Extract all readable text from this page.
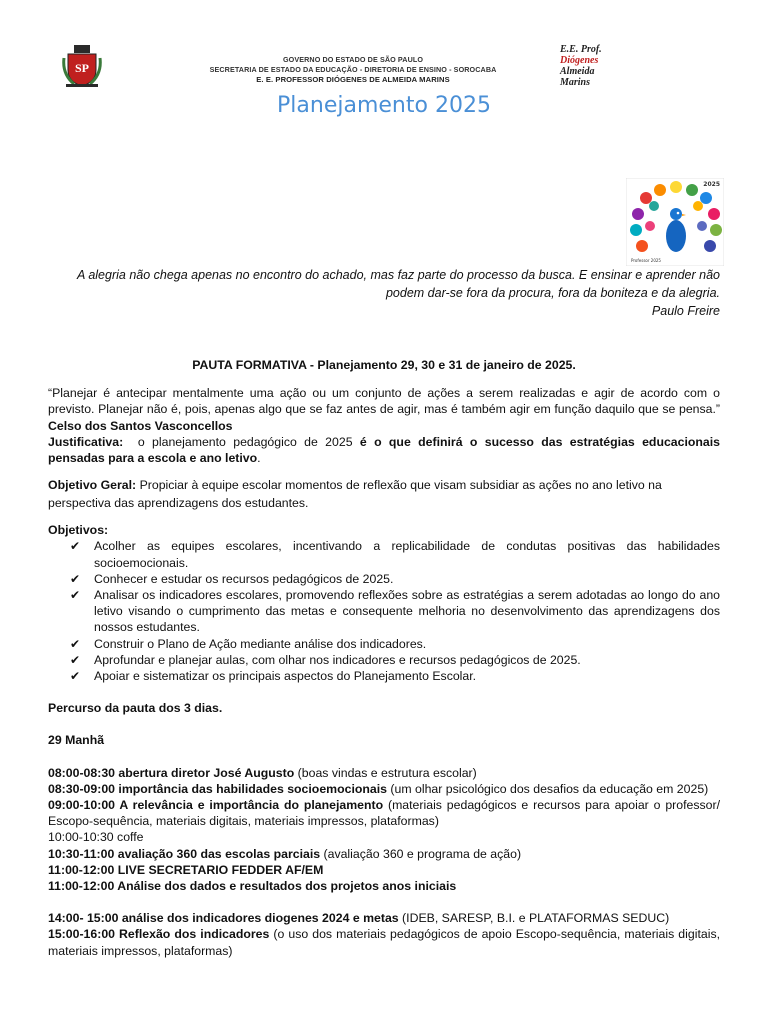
SP
GOVERNO DO ESTADO DE SÃO PAULO
SECRETARIA DE ESTADO DA EDUCAÇÃO - DIRETORIA DE ENSINO - SOROCABA
E. E. PROFESSOR DIÓGENES DE ALMEIDA MARINS
E.E. Prof.
Diógenes
Almeida
Marins
Planejamento 2025
2025
Professor 2025
A alegria não chega apenas no encontro do achado, mas faz parte do processo da busca. E ensinar e aprender não
podem dar-se fora da procura, fora da boniteza e da alegria.
Paulo Freire

PAUTA FORMATIVA - Planejamento 29, 30 e 31 de janeiro de 2025.

“Planejar é antecipar mentalmente uma ação ou um conjunto de ações a serem realizadas e agir de acordo com o previsto. Planejar não é, pois, apenas algo que se faz antes de agir, mas é também agir em função daquilo que se pensa.” Celso dos Santos Vasconcellos

Justificativa: o planejamento pedagógico de 2025 é o que definirá o sucesso das estratégias educacionais pensadas para a escola e ano letivo.

Objetivo Geral: Propiciar à equipe escolar momentos de reflexão que visam subsidiar as ações no ano letivo na perspectiva das aprendizagens dos estudantes.

Objetivos:

✔ Acolher as equipes escolares, incentivando a replicabilidade de condutas positivas das habilidades socioemocionais.
✔ Conhecer e estudar os recursos pedagógicos de 2025.
✔ Analisar os indicadores escolares, promovendo reflexões sobre as estratégias a serem adotadas ao longo do ano letivo visando o cumprimento das metas e consequente melhoria no desenvolvimento das aprendizagens dos nossos estudantes.
✔ Construir o Plano de Ação mediante análise dos indicadores.
✔ Aprofundar e planejar aulas, com olhar nos indicadores e recursos pedagógicos de 2025.
✔ Apoiar e sistematizar os principais aspectos do Planejamento Escolar.

Percurso da pauta dos 3 dias.

29 Manhã

08:00-08:30 abertura diretor José Augusto (boas vindas e estrutura escolar)

08:30-09:00 importância das habilidades socioemocionais (um olhar psicológico dos desafios da educação em 2025)

09:00-10:00 A relevância e importância do planejamento (materiais pedagógicos e recursos para apoiar o professor/ Escopo-sequência, materiais digitais, materiais impressos, plataformas)

10:00-10:30 coffe

10:30-11:00 avaliação 360 das escolas parciais (avaliação 360 e programa de ação)

11:00-12:00 LIVE SECRETARIO FEDDER AF/EM

11:00-12:00 Análise dos dados e resultados dos projetos anos iniciais

14:00- 15:00 análise dos indicadores diogenes 2024 e metas (IDEB, SARESP, B.I. e PLATAFORMAS SEDUC)

15:00-16:00 Reflexão dos indicadores (o uso dos materiais pedagógicos de apoio Escopo-sequência, materiais digitais, materiais impressos, plataformas)
